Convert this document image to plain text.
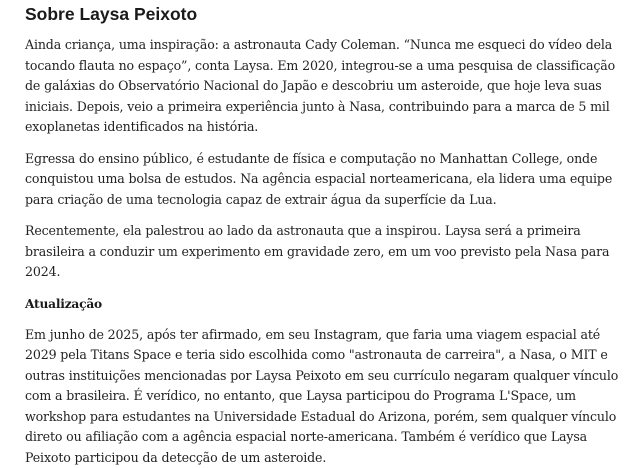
Sobre Laysa Peixoto

Ainda criança, uma inspiração: a astronauta Cady Coleman. “Nunca me esqueci do vídeo dela tocando flauta no espaço”, conta Laysa. Em 2020, integrou-se a uma pesquisa de classificação de galáxias do Observatório Nacional do Japão e descobriu um asteroide, que hoje leva suas iniciais. Depois, veio a primeira experiência junto à Nasa, contribuindo para a marca de 5 mil exoplanetas identificados na história.

Egressa do ensino público, é estudante de física e computação no Manhattan College, onde conquistou uma bolsa de estudos. Na agência espacial norteamericana, ela lidera uma equipe para criação de uma tecnologia capaz de extrair água da superfície da Lua.

Recentemente, ela palestrou ao lado da astronauta que a inspirou. Laysa será a primeira brasileira a conduzir um experimento em gravidade zero, em um voo previsto pela Nasa para 2024.

Atualização

Em junho de 2025, após ter afirmado, em seu Instagram, que faria uma viagem espacial até 2029 pela Titans Space e teria sido escolhida como "astronauta de carreira", a Nasa, o MIT e outras instituições mencionadas por Laysa Peixoto em seu currículo negaram qualquer vínculo com a brasileira. É verídico, no entanto, que Laysa participou do Programa L'Space, um workshop para estudantes na Universidade Estadual do Arizona, porém, sem qualquer vínculo direto ou afiliação com a agência espacial norte-americana. Também é verídico que Laysa Peixoto participou da detecção de um asteroide.
